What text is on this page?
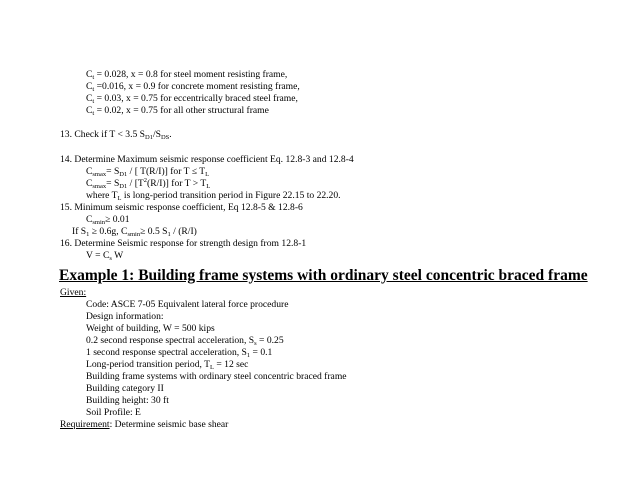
$C_t = 0.028$, x = 0.8 for steel moment resisting frame,
$C_t =0.016$, x = 0.9 for concrete moment resisting frame,
$C_t = 0.03$, x = 0.75 for eccentrically braced steel frame,
$C_t = 0.02$, x = 0.75 for all other structural frame
13. Check if T < 3.5 $S_{D1}/S_{DS}$.
14. Determine Maximum seismic response coefficient Eq. 12.8-3 and 12.8-4
$C_{smax}= S_{D1}$ / [ T(R/I)] for $T \le T_L$
$C_{smax}= S_{D1} / [T^2(R/I)]$ for $T > T_L$
where $T_L$ is long-period transition period in Figure 22.15 to 22.20.
15. Minimum seismic response coefficient, Eq 12.8-5 & 12.8-6
$C_{smin}\ge 0.01$
If $S_1 \ge 0.6g$, $C_{smin}\ge 0.5$ $S_1 / (R/I)$
16. Determine Seismic response for strength design from 12.8-1
$V = C_s$ W
Example 1: Building frame systems with ordinary steel concentric braced frame
Given:
Code: ASCE 7-05 Equivalent lateral force procedure
Design information:
Weight of building, W = 500 kips
0.2 second response spectral acceleration, $S_s = 0.25$
1 second response spectral acceleration, $S_1 = 0.1$
Long-period transition period, $T_L = 12$ sec
Building frame systems with ordinary steel concentric braced frame
Building category II
Building height: 30 ft
Soil Profile: E
Requirement: Determine seismic base shear
